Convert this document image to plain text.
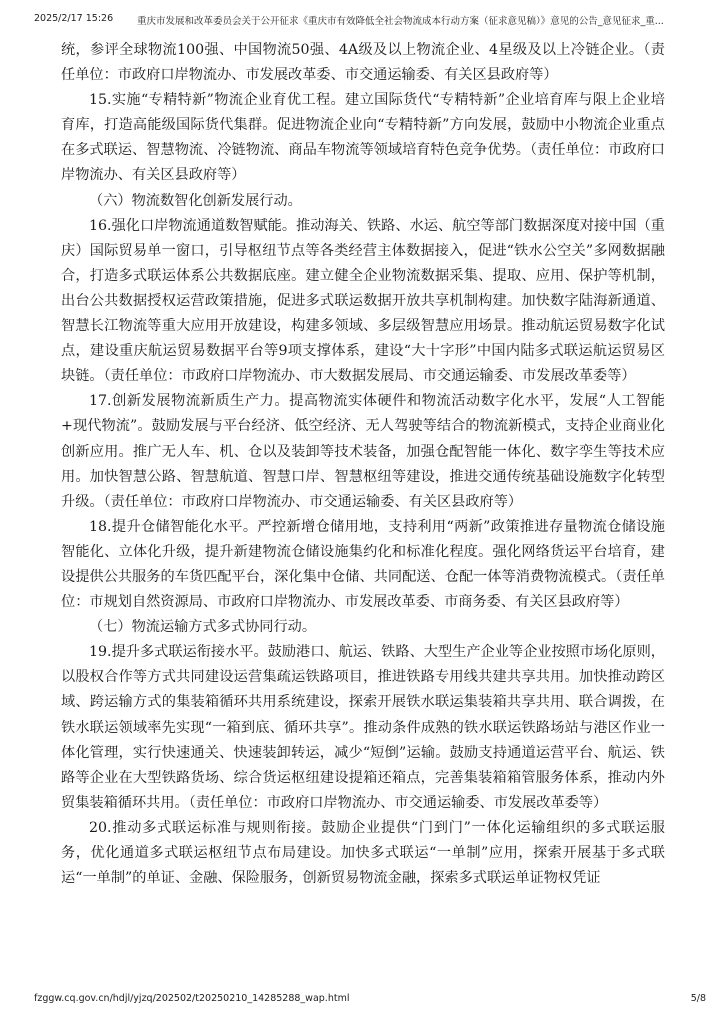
2025/2/17 15:26	重庆市发展和改革委员会关于公开征求《重庆市有效降低全社会物流成本行动方案（征求意见稿）》意见的公告_意见征求_重...

统，参评全球物流100强、中国物流50强、4A级及以上物流企业、4星级及以上冷链企业。（责任单位：市政府口岸物流办、市发展改革委、市交通运输委、有关区县政府等）

15.实施“专精特新”物流企业育优工程。建立国际货代“专精特新”企业培育库与限上企业培育库，打造高能级国际货代集群。促进物流企业向“专精特新”方向发展，鼓励中小物流企业重点在多式联运、智慧物流、冷链物流、商品车物流等领域培育特色竞争优势。（责任单位：市政府口岸物流办、有关区县政府等）

（六）物流数智化创新发展行动。

16.强化口岸物流通道数智赋能。推动海关、铁路、水运、航空等部门数据深度对接中国（重庆）国际贸易单一窗口，引导枢纽节点等各类经营主体数据接入，促进“铁水公空关”多网数据融合，打造多式联运体系公共数据底座。建立健全企业物流数据采集、提取、应用、保护等机制，出台公共数据授权运营政策措施，促进多式联运数据开放共享机制构建。加快数字陆海新通道、智慧长江物流等重大应用开放建设，构建多领域、多层级智慧应用场景。推动航运贸易数字化试点，建设重庆航运贸易数据平台等9项支撑体系，建设“大十字形”中国内陆多式联运航运贸易区块链。（责任单位：市政府口岸物流办、市大数据发展局、市交通运输委、市发展改革委等）

17.创新发展物流新质生产力。提高物流实体硬件和物流活动数字化水平，发展“人工智能+现代物流”。鼓励发展与平台经济、低空经济、无人驾驶等结合的物流新模式，支持企业商业化创新应用。推广无人车、机、仓以及装卸等技术装备，加强仓配智能一体化、数字孪生等技术应用。加快智慧公路、智慧航道、智慧口岸、智慧枢纽等建设，推进交通传统基础设施数字化转型升级。（责任单位：市政府口岸物流办、市交通运输委、有关区县政府等）

18.提升仓储智能化水平。严控新增仓储用地，支持利用“两新”政策推进存量物流仓储设施智能化、立体化升级，提升新建物流仓储设施集约化和标准化程度。强化网络货运平台培育，建设提供公共服务的车货匹配平台，深化集中仓储、共同配送、仓配一体等消费物流模式。（责任单位：市规划自然资源局、市政府口岸物流办、市发展改革委、市商务委、有关区县政府等）

（七）物流运输方式多式协同行动。

19.提升多式联运衔接水平。鼓励港口、航运、铁路、大型生产企业等企业按照市场化原则，以股权合作等方式共同建设运营集疏运铁路项目，推进铁路专用线共建共享共用。加快推动跨区域、跨运输方式的集装箱循环共用系统建设，探索开展铁水联运集装箱共享共用、联合调拨，在铁水联运领域率先实现“一箱到底、循环共享”。推动条件成熟的铁水联运铁路场站与港区作业一体化管理，实行快速通关、快速装卸转运，减少“短倒”运输。鼓励支持通道运营平台、航运、铁路等企业在大型铁路货场、综合货运枢纽建设提箱还箱点，完善集装箱箱管服务体系，推动内外贸集装箱循环共用。（责任单位：市政府口岸物流办、市交通运输委、市发展改革委等）

20.推动多式联运标准与规则衔接。鼓励企业提供“门到门”一体化运输组织的多式联运服务，优化通道多式联运枢纽节点布局建设。加快多式联运“一单制”应用，探索开展基于多式联运“一单制”的单证、金融、保险服务，创新贸易物流金融，探索多式联运单证物权凭证

fzggw.cq.gov.cn/hdjl/yjzq/202502/t20250210_14285288_wap.html	5/8
